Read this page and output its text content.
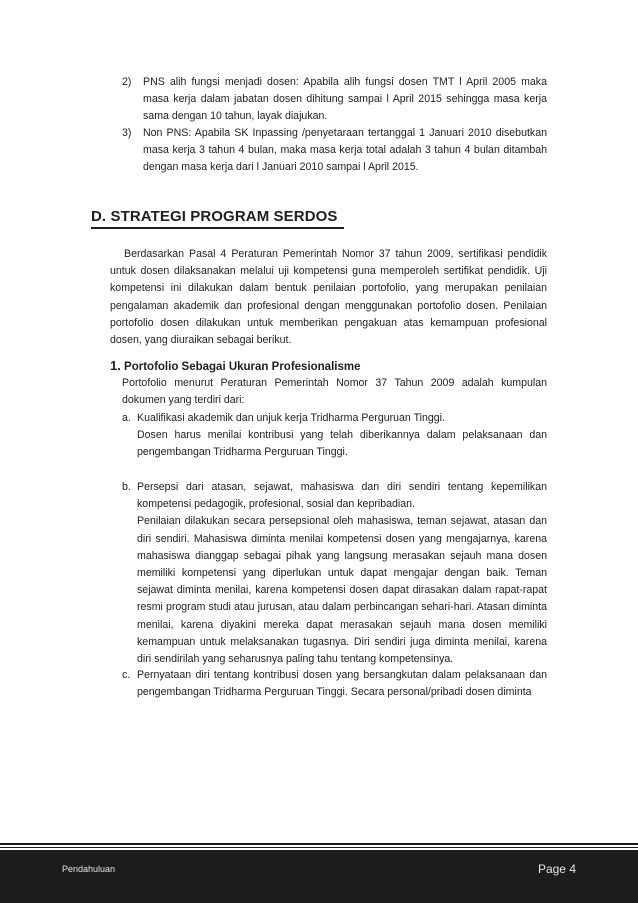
2) PNS alih fungsi menjadi dosen: Apabila alih fungsi dosen TMT l April 2005 maka masa kerja dalam jabatan dosen dihitung sampai l April 2015 sehingga masa kerja sama dengan 10 tahun, layak diajukan.
3) Non PNS: Apabila SK Inpassing /penyetaraan tertanggal 1 Januari 2010 disebutkan masa kerja 3 tahun 4 bulan, maka masa kerja total adalah 3 tahun 4 bulan ditambah dengan masa kerja dari l Januari 2010 sampai l April 2015.
D. STRATEGI PROGRAM SERDOS
Berdasarkan Pasal 4 Peraturan Pemerintah Nomor 37 tahun 2009, sertifikasi pendidik untuk dosen dilaksanakan melalui uji kompetensi guna memperoleh sertifikat pendidik. Uji kompetensi ini dilakukan dalam bentuk penilaian portofolio, yang merupakan penilaian pengalaman akademik dan profesional dengan menggunakan portofolio dosen. Penilaian portofolio dosen dilakukan untuk memberikan pengakuan atas kemampuan profesional dosen, yang diuraikan sebagai berikut.
1. Portofolio Sebagai Ukuran Profesionalisme
Portofolio menurut Peraturan Pemerintah Nomor 37 Tahun 2009 adalah kumpulan dokumen yang terdiri dari:
a. Kualifikasi akademik dan unjuk kerja Tridharma Perguruan Tinggi.
Dosen harus menilai kontribusi yang telah diberikannya dalam pelaksanaan dan pengembangan Tridharma Perguruan Tinggi.
b. Persepsi dari atasan, sejawat, mahasiswa dan diri sendiri tentang kepemilikan kompetensi pedagogik, profesional, sosial dan kepribadian.
Penilaian dilakukan secara persepsional oleh mahasiswa, teman sejawat, atasan dan diri sendiri. Mahasiswa diminta menilai kompetensi dosen yang mengajarnya, karena mahasiswa dianggap sebagai pihak yang langsung merasakan sejauh mana dosen memiliki kompetensi yang diperlukan untuk dapat mengajar dengan baik. Teman sejawat diminta menilai, karena kompetensi dosen dapat dirasakan dalam rapat-rapat resmi program studi atau jurusan, atau dalam perbincangan sehari-hari. Atasan diminta menilai, karena diyakini mereka dapat merasakan sejauh mana dosen memiliki kemampuan untuk melaksanakan tugasnya. Diri sendiri juga diminta menilai, karena diri sendirilah yang seharusnya paling tahu tentang kompetensinya.
c. Pernyataan diri tentang kontribusi dosen yang bersangkutan dalam pelaksanaan dan pengembangan Tridharma Perguruan Tinggi. Secara personal/pribadi dosen diminta
Pendahuluan	Page 4
